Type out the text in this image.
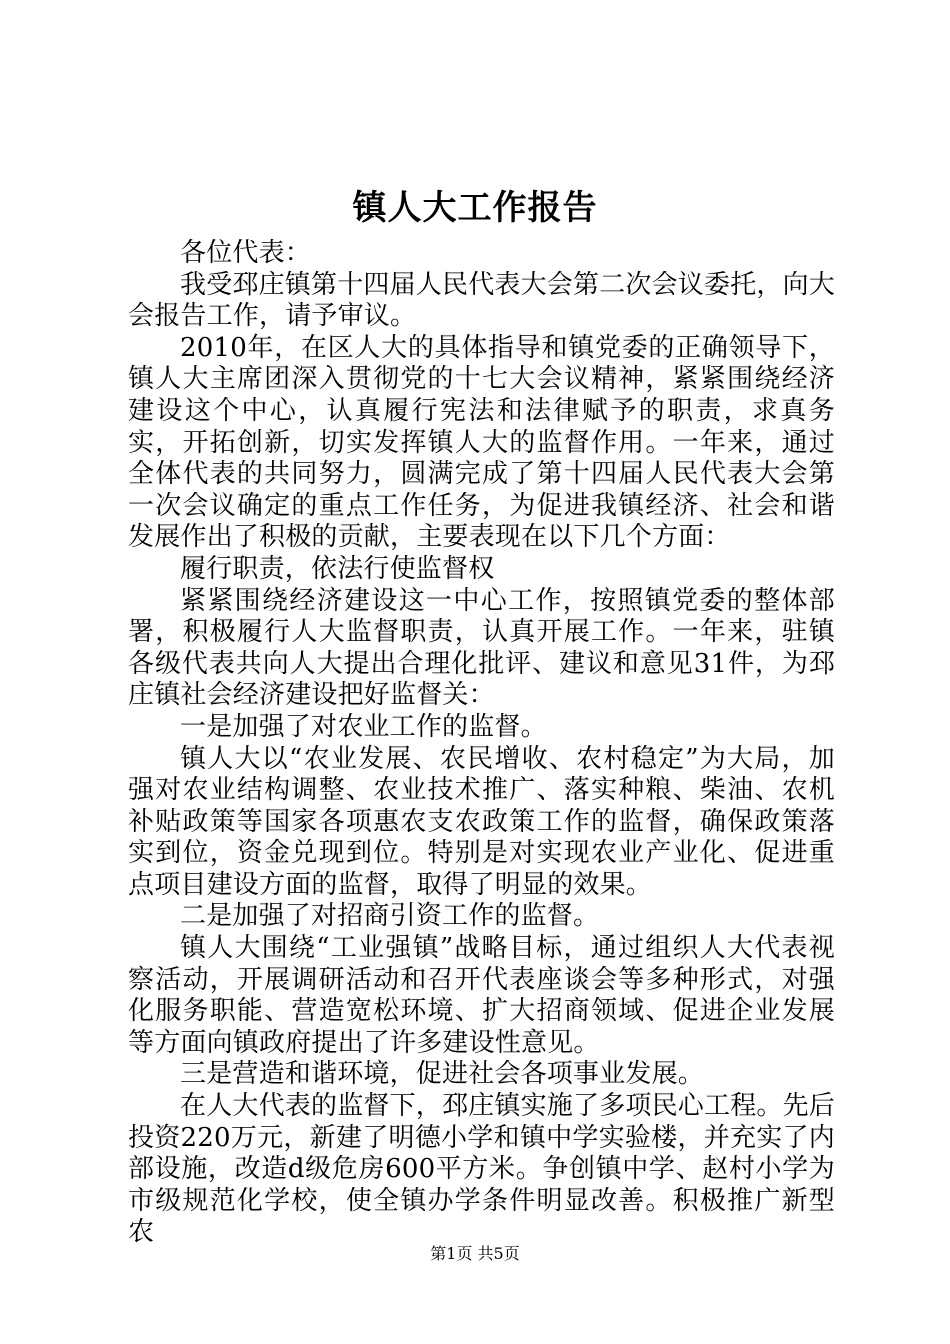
镇人大工作报告

各位代表：

我受邳庄镇第十四届人民代表大会第二次会议委托，向大会报告工作，请予审议。

2010年，在区人大的具体指导和镇党委的正确领导下，镇人大主席团深入贯彻党的十七大会议精神，紧紧围绕经济建设这个中心，认真履行宪法和法律赋予的职责，求真务实，开拓创新，切实发挥镇人大的监督作用。一年来，通过全体代表的共同努力，圆满完成了第十四届人民代表大会第一次会议确定的重点工作任务，为促进我镇经济、社会和谐发展作出了积极的贡献，主要表现在以下几个方面：

履行职责，依法行使监督权

紧紧围绕经济建设这一中心工作，按照镇党委的整体部署，积极履行人大监督职责，认真开展工作。一年来，驻镇各级代表共向人大提出合理化批评、建议和意见31件，为邳庄镇社会经济建设把好监督关：

一是加强了对农业工作的监督。

镇人大以“农业发展、农民增收、农村稳定”为大局，加强对农业结构调整、农业技术推广、落实种粮、柴油、农机补贴政策等国家各项惠农支农政策工作的监督，确保政策落实到位，资金兑现到位。特别是对实现农业产业化、促进重点项目建设方面的监督，取得了明显的效果。

二是加强了对招商引资工作的监督。

镇人大围绕“工业强镇”战略目标，通过组织人大代表视察活动，开展调研活动和召开代表座谈会等多种形式，对强化服务职能、营造宽松环境、扩大招商领域、促进企业发展等方面向镇政府提出了许多建设性意见。

三是营造和谐环境，促进社会各项事业发展。

在人大代表的监督下，邳庄镇实施了多项民心工程。先后投资220万元，新建了明德小学和镇中学实验楼，并充实了内部设施，改造d级危房600平方米。争创镇中学、赵村小学为市级规范化学校，使全镇办学条件明显改善。积极推广新型农

第1页 共5页
